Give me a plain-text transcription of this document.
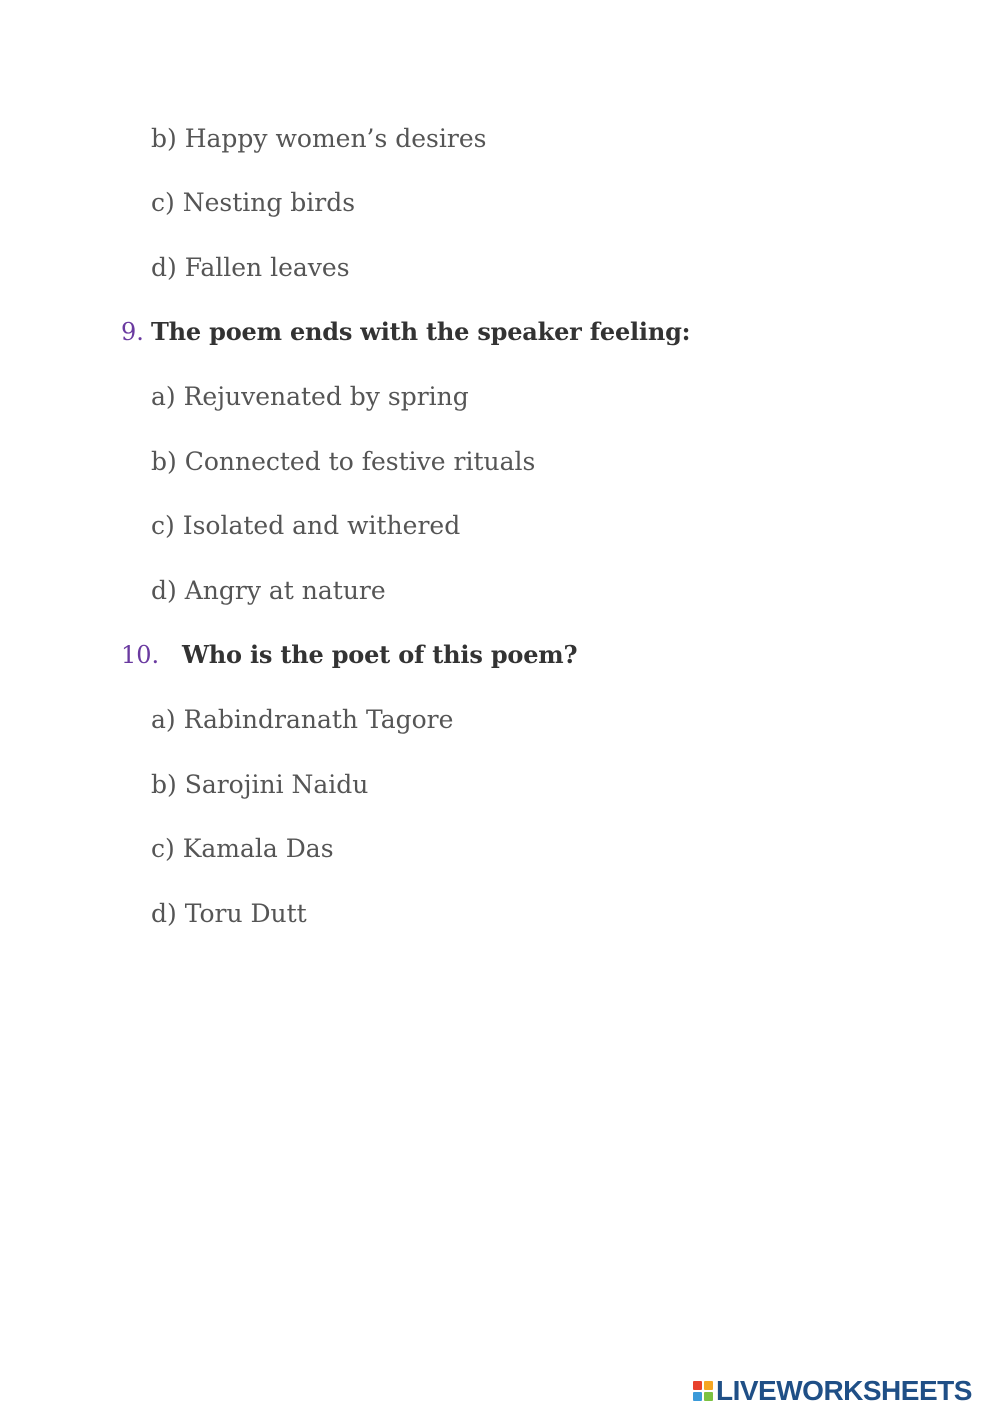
b) Happy women’s desires
c) Nesting birds
d) Fallen leaves
9. The poem ends with the speaker feeling:
a) Rejuvenated by spring
b) Connected to festive rituals
c) Isolated and withered
d) Angry at nature
10. Who is the poet of this poem?
a) Rabindranath Tagore
b) Sarojini Naidu
c) Kamala Das
d) Toru Dutt
LIVEWORKSHEETS
